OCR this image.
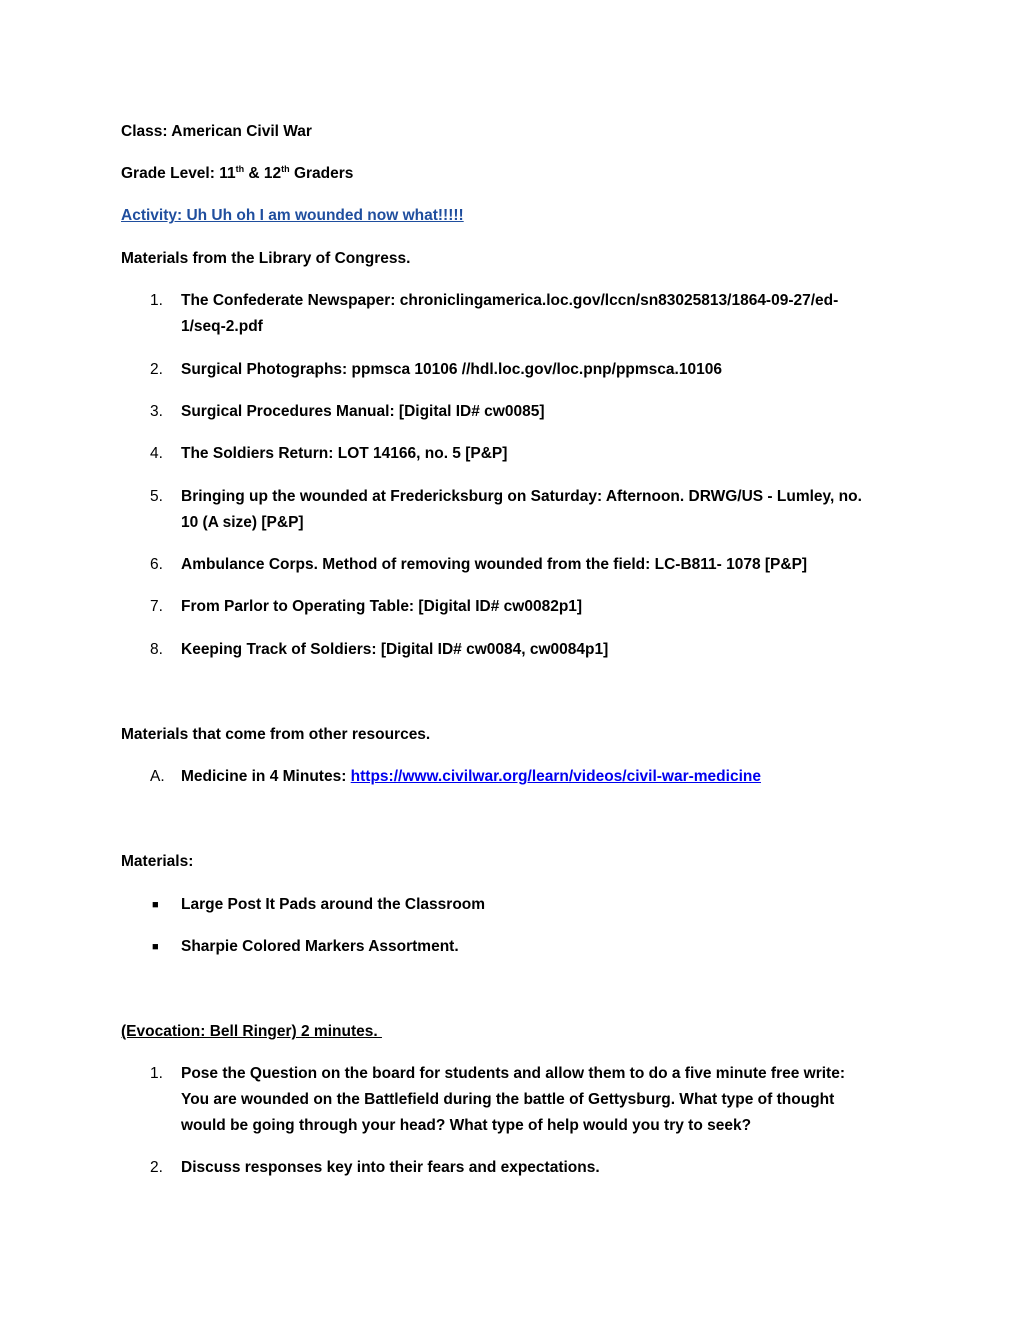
Class: American Civil War
Grade Level: 11th & 12th Graders
Activity: Uh Uh oh I am wounded now what!!!!!
Materials from the Library of Congress.
1.	The Confederate Newspaper: chroniclingamerica.loc.gov/lccn/sn83025813/1864-09-27/ed-
1/seq-2.pdf
2.	Surgical Photographs: ppmsca 10106 //hdl.loc.gov/loc.pnp/ppmsca.10106
3.	Surgical Procedures Manual: [Digital ID# cw0085]
4.	The Soldiers Return: LOT 14166, no. 5 [P&P]
5.	Bringing up the wounded at Fredericksburg on Saturday: Afternoon. DRWG/US - Lumley, no.
10 (A size) [P&P]
6.	Ambulance Corps. Method of removing wounded from the field: LC-B811- 1078 [P&P]
7.	From Parlor to Operating Table: [Digital ID# cw0082p1]
8.	Keeping Track of Soldiers: [Digital ID# cw0084, cw0084p1]
Materials that come from other resources.
A.	Medicine in 4 Minutes: https://www.civilwar.org/learn/videos/civil-war-medicine
Materials:
■ Large Post It Pads around the Classroom
■ Sharpie Colored Markers Assortment.
(Evocation: Bell Ringer) 2 minutes.
1.	Pose the Question on the board for students and allow them to do a five minute free write:
You are wounded on the Battlefield during the battle of Gettysburg. What type of thought
would be going through your head? What type of help would you try to seek?
2.	Discuss responses key into their fears and expectations.
